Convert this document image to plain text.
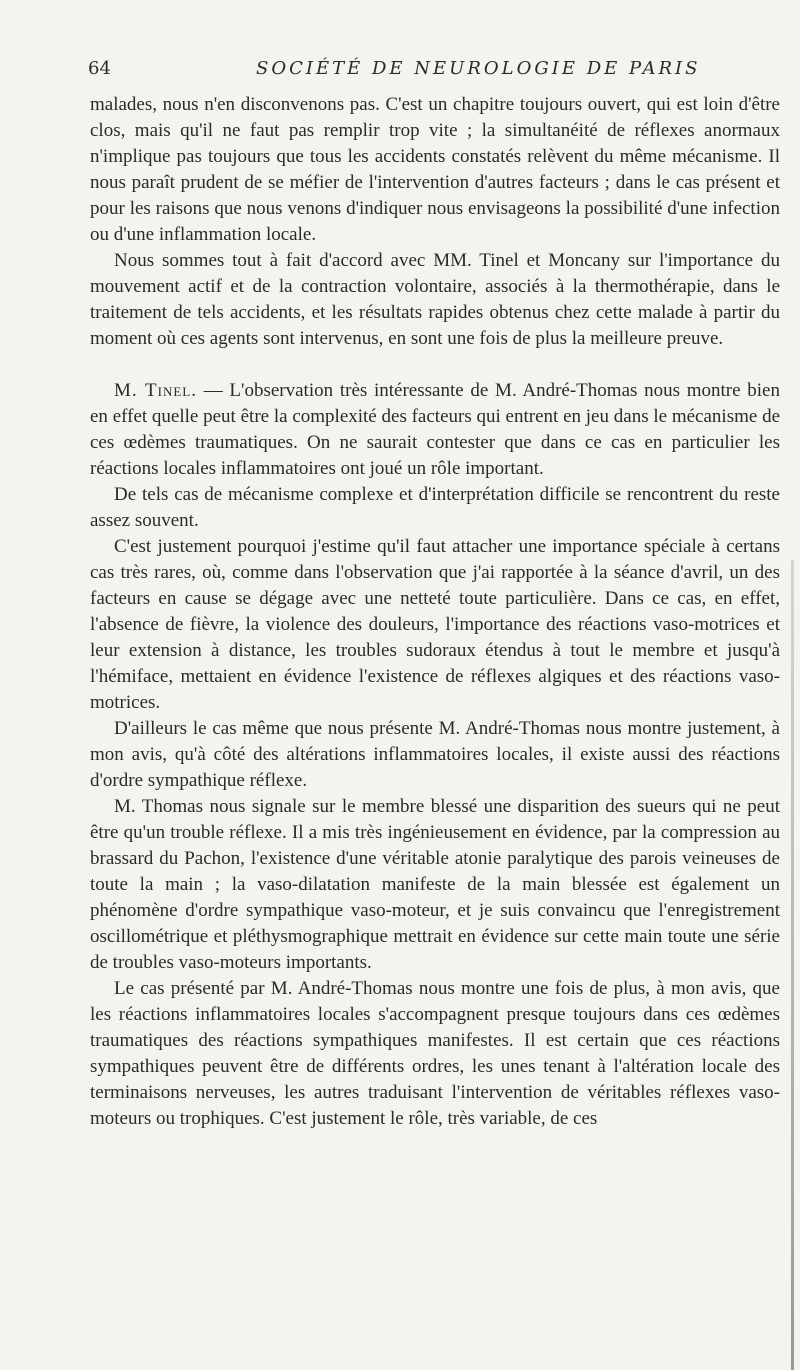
64	SOCIÉTÉ DE NEUROLOGIE DE PARIS

malades, nous n'en disconvenons pas. C'est un chapitre toujours ouvert, qui est loin d'être clos, mais qu'il ne faut pas remplir trop vite ; la simultanéité de réflexes anormaux n'implique pas toujours que tous les accidents constatés relèvent du même mécanisme. Il nous paraît prudent de se méfier de l'intervention d'autres facteurs ; dans le cas présent et pour les raisons que nous venons d'indiquer nous envisageons la possibilité d'une infection ou d'une inflammation locale.

Nous sommes tout à fait d'accord avec MM. Tinel et Moncany sur l'importance du mouvement actif et de la contraction volontaire, associés à la thermothérapie, dans le traitement de tels accidents, et les résultats rapides obtenus chez cette malade à partir du moment où ces agents sont intervenus, en sont une fois de plus la meilleure preuve.

M. Tinel. — L'observation très intéressante de M. André-Thomas nous montre bien en effet quelle peut être la complexité des facteurs qui entrent en jeu dans le mécanisme de ces œdèmes traumatiques. On ne saurait contester que dans ce cas en particulier les réactions locales inflammatoires ont joué un rôle important.

De tels cas de mécanisme complexe et d'interprétation difficile se rencontrent du reste assez souvent.

C'est justement pourquoi j'estime qu'il faut attacher une importance spéciale à certans cas très rares, où, comme dans l'observation que j'ai rapportée à la séance d'avril, un des facteurs en cause se dégage avec une netteté toute particulière. Dans ce cas, en effet, l'absence de fièvre, la violence des douleurs, l'importance des réactions vaso-motrices et leur extension à distance, les troubles sudoraux étendus à tout le membre et jusqu'à l'hémiface, mettaient en évidence l'existence de réflexes algiques et des réactions vaso-motrices.

D'ailleurs le cas même que nous présente M. André-Thomas nous montre justement, à mon avis, qu'à côté des altérations inflammatoires locales, il existe aussi des réactions d'ordre sympathique réflexe.

M. Thomas nous signale sur le membre blessé une disparition des sueurs qui ne peut être qu'un trouble réflexe. Il a mis très ingénieusement en évidence, par la compression au brassard du Pachon, l'existence d'une véritable atonie paralytique des parois veineuses de toute la main ; la vaso-dilatation manifeste de la main blessée est également un phénomène d'ordre sympathique vaso-moteur, et je suis convaincu que l'enregistrement oscillométrique et pléthysmographique mettrait en évidence sur cette main toute une série de troubles vaso-moteurs importants.

Le cas présenté par M. André-Thomas nous montre une fois de plus, à mon avis, que les réactions inflammatoires locales s'accompagnent presque toujours dans ces œdèmes traumatiques des réactions sympathiques manifestes. Il est certain que ces réactions sympathiques peuvent être de différents ordres, les unes tenant à l'altération locale des terminaisons nerveuses, les autres traduisant l'intervention de véritables réflexes vaso-moteurs ou trophiques. C'est justement le rôle, très variable, de ces
